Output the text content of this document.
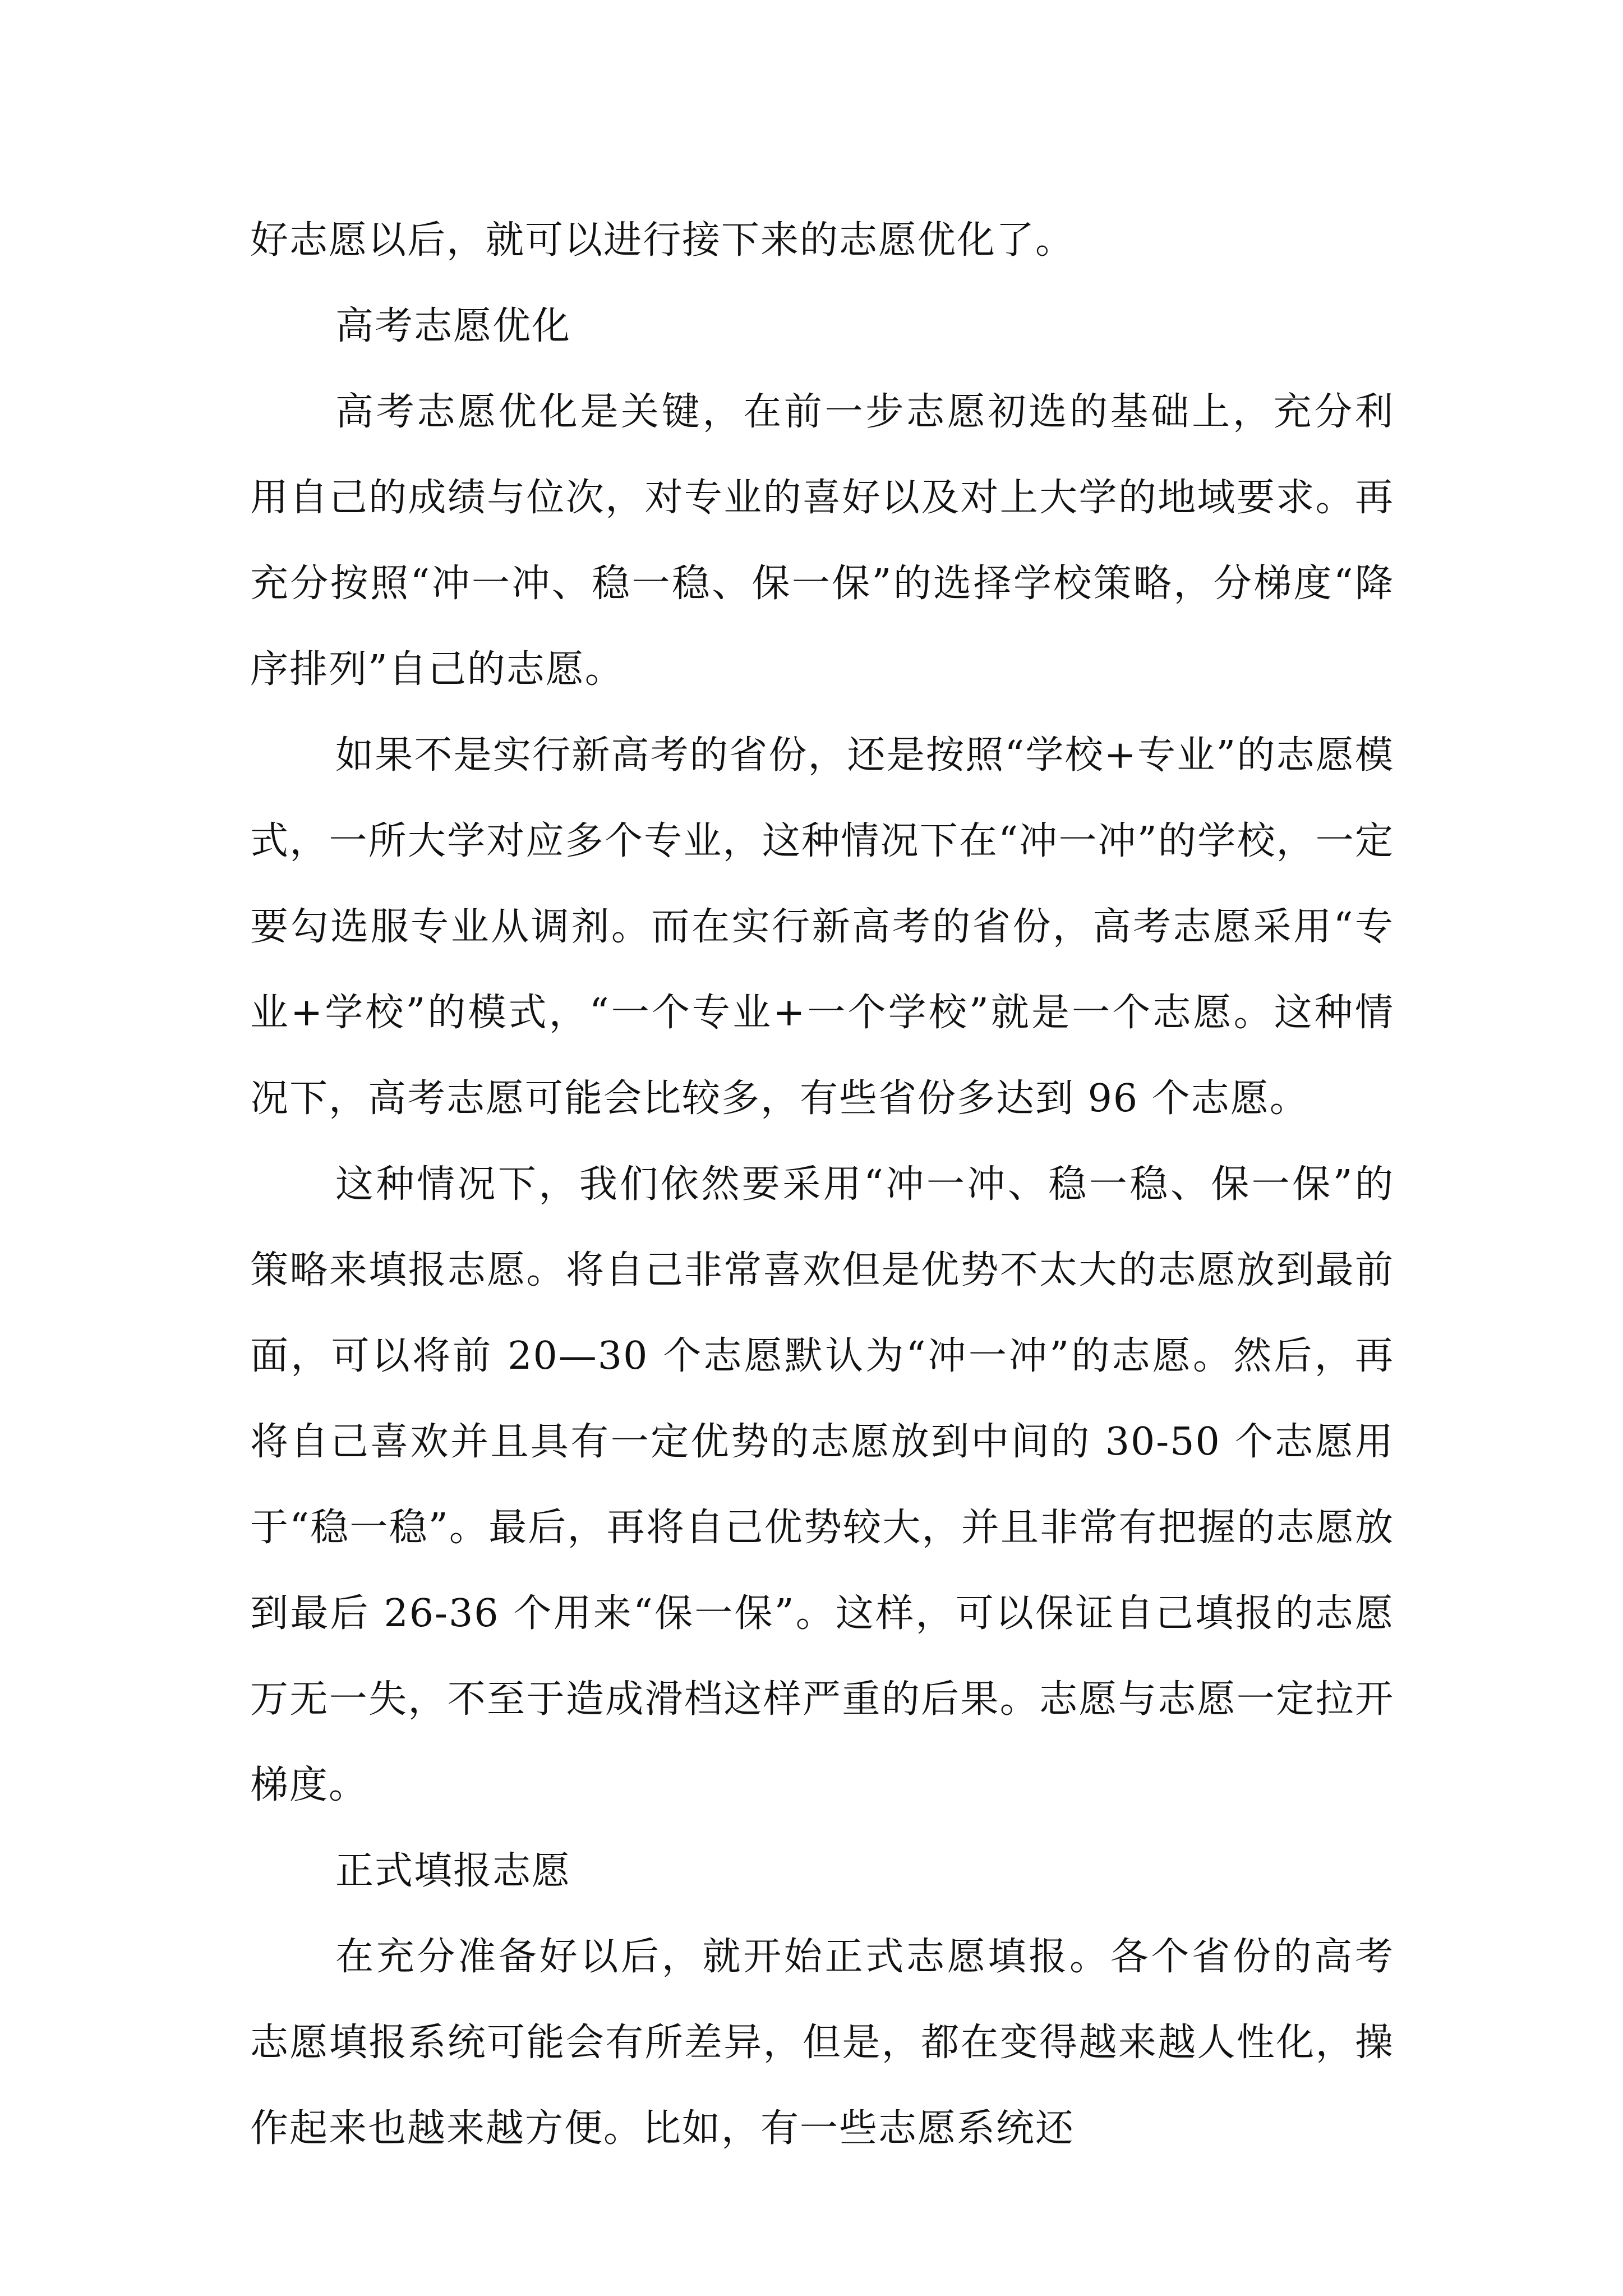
好志愿以后，就可以进行接下来的志愿优化了。

高考志愿优化

高考志愿优化是关键，在前一步志愿初选的基础上，充分利用自己的成绩与位次，对专业的喜好以及对上大学的地域要求。再充分按照“冲一冲、稳一稳、保一保”的选择学校策略，分梯度“降序排列”自己的志愿。

如果不是实行新高考的省份，还是按照“学校+专业”的志愿模式，一所大学对应多个专业，这种情况下在“冲一冲”的学校，一定要勾选服专业从调剂。而在实行新高考的省份，高考志愿采用“专业+学校”的模式，“一个专业+一个学校”就是一个志愿。这种情况下，高考志愿可能会比较多，有些省份多达到 96 个志愿。

这种情况下，我们依然要采用“冲一冲、稳一稳、保一保”的策略来填报志愿。将自己非常喜欢但是优势不太大的志愿放到最前面，可以将前 20—30 个志愿默认为“冲一冲”的志愿。然后，再将自己喜欢并且具有一定优势的志愿放到中间的 30-50 个志愿用于“稳一稳”。最后，再将自己优势较大，并且非常有把握的志愿放到最后 26-36 个用来“保一保”。这样，可以保证自己填报的志愿万无一失，不至于造成滑档这样严重的后果。志愿与志愿一定拉开梯度。

正式填报志愿

在充分准备好以后，就开始正式志愿填报。各个省份的高考志愿填报系统可能会有所差异，但是，都在变得越来越人性化，操作起来也越来越方便。比如，有一些志愿系统还
